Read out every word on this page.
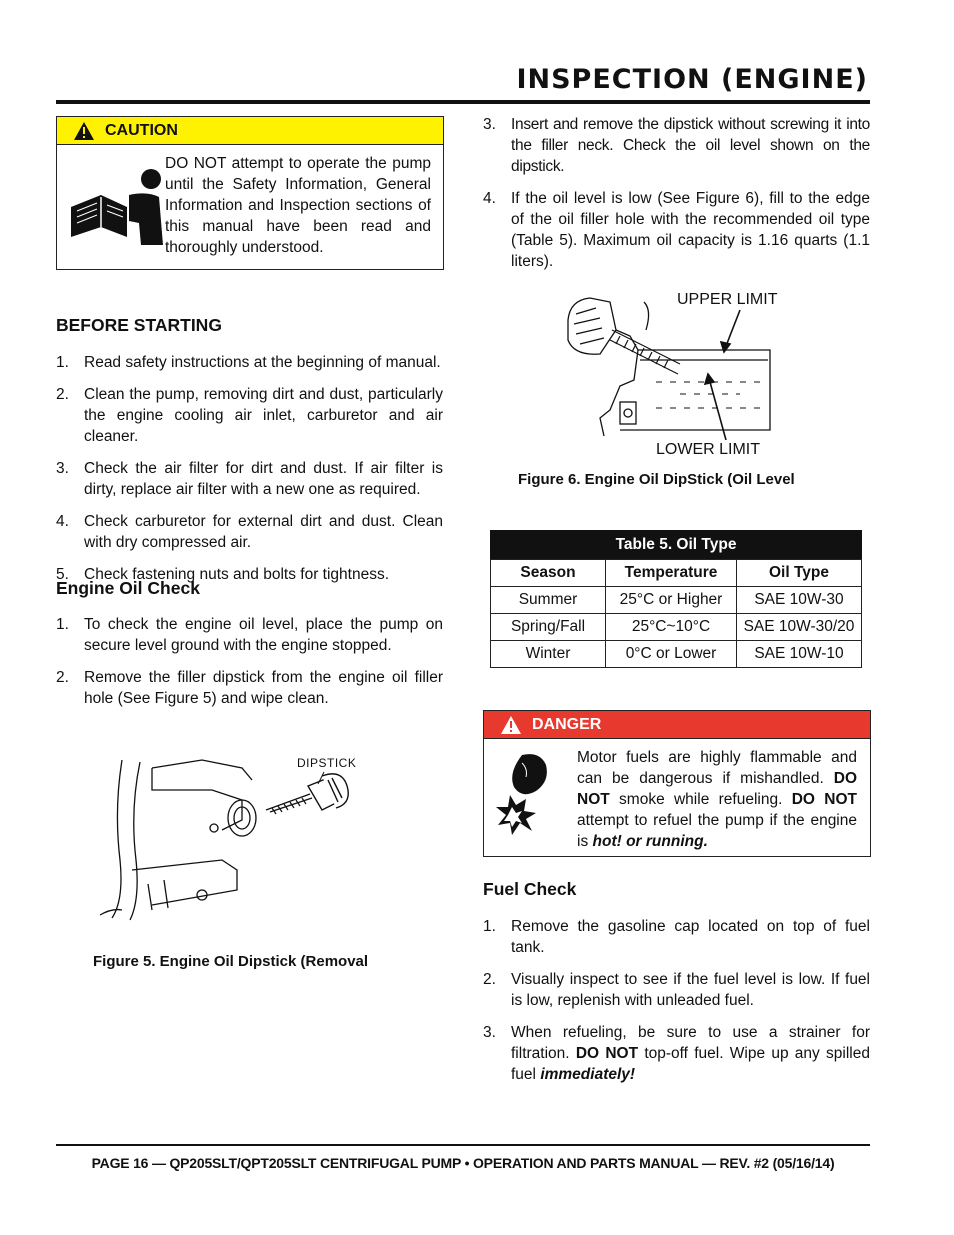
INSPECTION (ENGINE)
CAUTION
DO NOT attempt to operate the pump until the Safety Information, General Information and Inspection sections of this manual have been read and thoroughly understood.
BEFORE STARTING
1. Read safety instructions at the beginning of manual.
2. Clean the pump, removing dirt and dust, particularly the engine cooling air inlet, carburetor and air cleaner.
3. Check the air filter for dirt and dust. If air filter is dirty, replace air filter with a new one as required.
4. Check carburetor for external dirt and dust. Clean with dry compressed air.
5. Check fastening nuts and bolts for tightness.
Engine Oil Check
1. To check the engine oil level, place the pump on secure level ground with the engine stopped.
2. Remove the filler dipstick from the engine oil filler hole (See Figure 5) and wipe clean.
DIPSTICK
Figure 5. Engine Oil Dipstick (Removal
3. Insert and remove the dipstick without screwing it into the filler neck. Check the oil level shown on the dipstick.
4. If the oil level is low (See Figure 6), fill to the edge of the oil filler hole with the recommended oil type (Table 5). Maximum oil capacity is 1.16 quarts (1.1 liters).
UPPER LIMIT
LOWER LIMIT
Figure 6. Engine Oil DipStick (Oil Level
Table 5. Oil Type
Season	Temperature	Oil Type
Summer	25°C or Higher	SAE 10W-30
Spring/Fall	25°C~10°C	SAE 10W-30/20
Winter	0°C or Lower	SAE 10W-10
DANGER
Motor fuels are highly flammable and can be dangerous if mishandled. DO NOT smoke while refueling. DO NOT attempt to refuel the pump if the engine is hot! or running.
Fuel Check
1. Remove the gasoline cap located on top of fuel tank.
2. Visually inspect to see if the fuel level is low. If fuel is low, replenish with unleaded fuel.
3. When refueling, be sure to use a strainer for filtration. DO NOT top-off fuel. Wipe up any spilled fuel immediately!
PAGE 16 — QP205SLT/QPT205SLT CENTRIFUGAL PUMP • OPERATION AND PARTS MANUAL — REV. #2 (05/16/14)
